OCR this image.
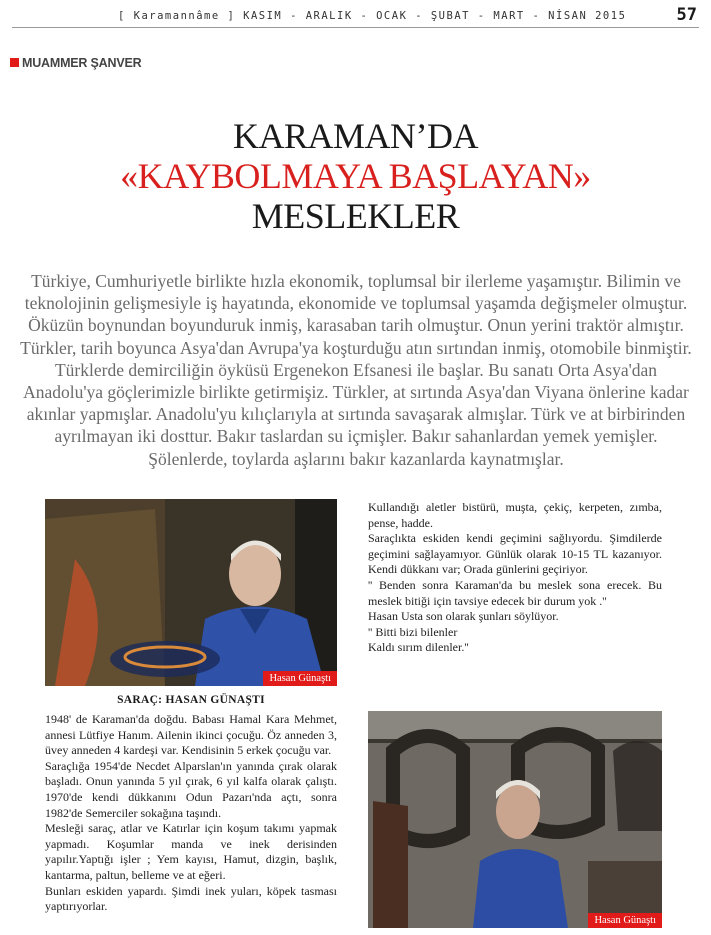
[ Karamannâme ] KASIM - ARALIK - OCAK - ŞUBAT - MART - NİSAN 2015	57
MUAMMER ŞANVER
KARAMAN’DA
«KAYBOLMAYA BAŞLAYAN»
MESLEKLER
Türkiye, Cumhuriyetle birlikte hızla ekonomik, toplumsal bir ilerleme yaşamıştır. Bilimin ve teknolojinin gelişmesiyle iş hayatında, ekonomide ve toplumsal yaşamda değişmeler olmuştur. Öküzün boynundan boyunduruk inmiş, karasaban tarih olmuştur. Onun yerini traktör almıştır. Türkler, tarih boyunca Asya'dan Avrupa'ya koşturduğu atın sırtından inmiş, otomobile binmiştir. Türklerde demirciliğin öyküsü Ergenekon Efsanesi ile başlar. Bu sanatı Orta Asya'dan Anadolu'ya göçlerimizle birlikte getirmişiz. Türkler, at sırtında Asya'dan Viyana önlerine kadar akınlar yapmışlar. Anadolu'yu kılıçlarıyla at sırtında savaşarak almışlar. Türk ve at birbirinden ayrılmayan iki dosttur. Bakır taslardan su içmişler. Bakır sahanlardan yemek yemişler. Şölenlerde, toylarda aşlarını bakır kazanlarda kaynatmışlar.
Hasan Günaştı
SARAÇ: HASAN GÜNAŞTI

1948' de Karaman'da doğdu. Babası Hamal Kara Mehmet, annesi Lütfiye Hanım. Ailenin ikinci çocuğu. Öz anneden 3, üvey anneden 4 kardeşi var. Kendisinin 5 erkek çocuğu var.

Saraçlığa 1954'de Necdet Alparslan'ın yanında çırak olarak başladı. Onun yanında 5 yıl çırak, 6 yıl kalfa olarak çalıştı. 1970'de kendi dükkanını Odun Pazarı'nda açtı, sonra 1982'de Semerciler sokağına taşındı.

Mesleği saraç, atlar ve Katırlar için koşum takımı yapmak yapmadı. Koşumlar manda ve inek derisinden yapılır.Yaptığı işler ; Yem kayısı, Hamut, dizgin, başlık, kantarma, paltun, belleme ve at eğeri.

Bunları eskiden yapardı. Şimdi inek yuları, köpek tasması yaptırıyorlar.

Kullandığı aletler bistürü, muşta, çekiç, kerpeten, zımba, pense, hadde.

Saraçlıkta eskiden kendi geçimini sağlıyordu. Şimdilerde geçimini sağlayamıyor. Günlük olarak 10-15 TL kazanıyor. Kendi dükkanı var; Orada günlerini geçiriyor.

'' Benden sonra Karaman'da bu meslek sona erecek. Bu meslek bitiği için tavsiye edecek bir durum yok .''

Hasan Usta son olarak şunları söylüyor.

'' Bitti bizi bilenler

Kaldı sırım dilenler.''

Hasan Günaştı
